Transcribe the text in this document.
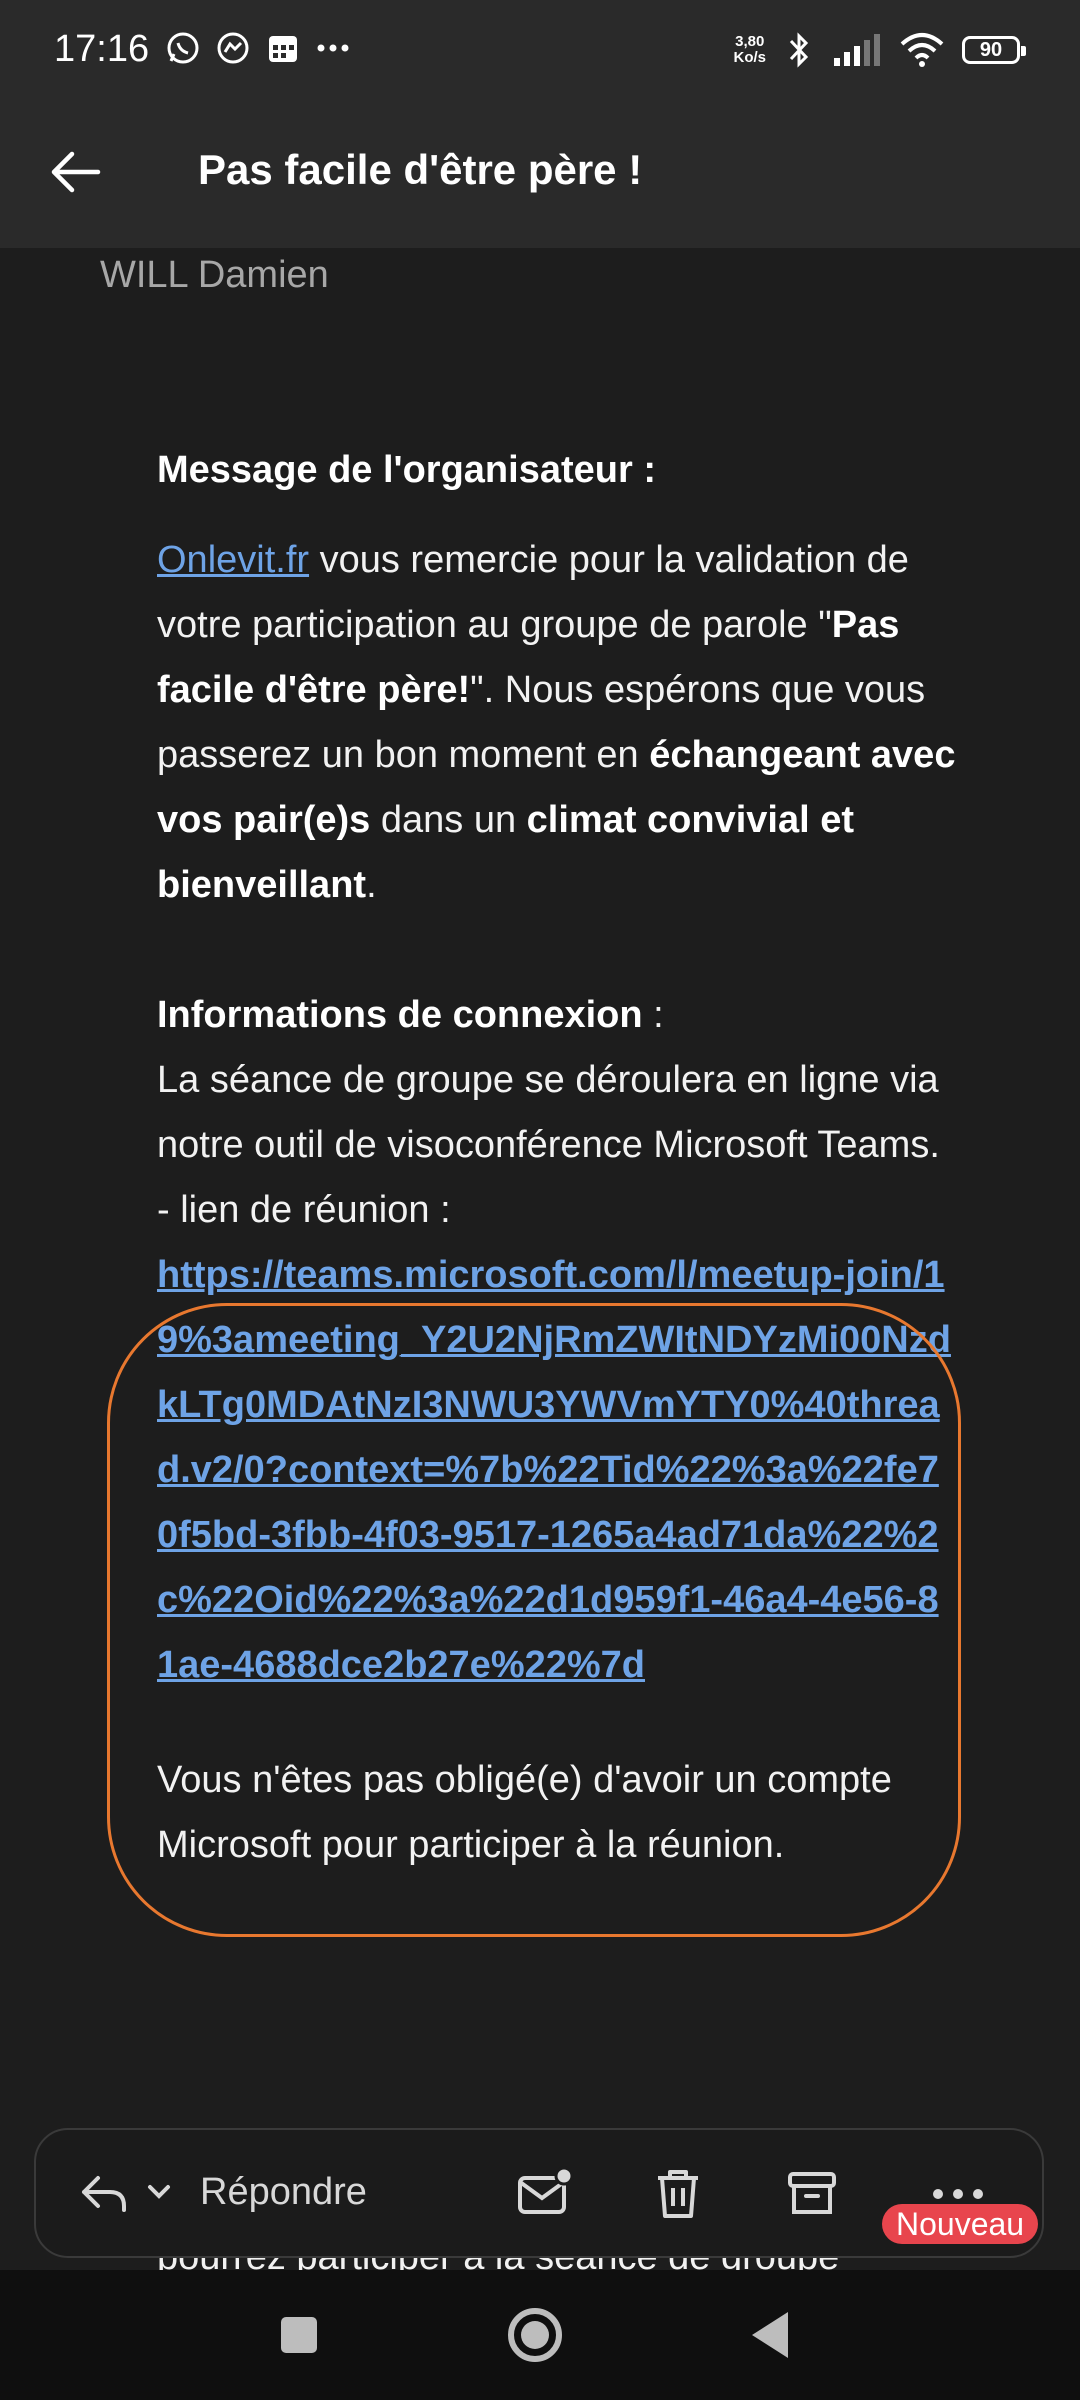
17:16	3,80
Ko/s	90
Pas facile d'être père !
WILL Damien

Message de l'organisateur :

Onlevit.fr vous remercie pour la validation de votre participation au groupe de parole "Pas facile d'être père!". Nous espérons que vous passerez un bon moment en échangeant avec vos pair(e)s dans un climat convivial et bienveillant.

Informations de connexion :

La séance de groupe se déroulera en ligne via notre outil de visoconférence Microsoft Teams.

- lien de réunion :

https://teams.microsoft.com/l/meetup-join/19%3ameeting_Y2U2NjRmZWItNDYzMi00NzdkLTg0MDAtNzI3NWU3YWVmYTY0%40thread.v2/0?context=%7b%22Tid%22%3a%22fe70f5bd-3fbb-4f03-9517-1265a4ad71da%22%2c%22Oid%22%3a%22d1d959f1-46a4-4e56-81ae-4688dce2b27e%22%7d

Vous n'êtes pas obligé(e) d'avoir un compte Microsoft pour participer à la réunion.

Répondre
Nouveau
